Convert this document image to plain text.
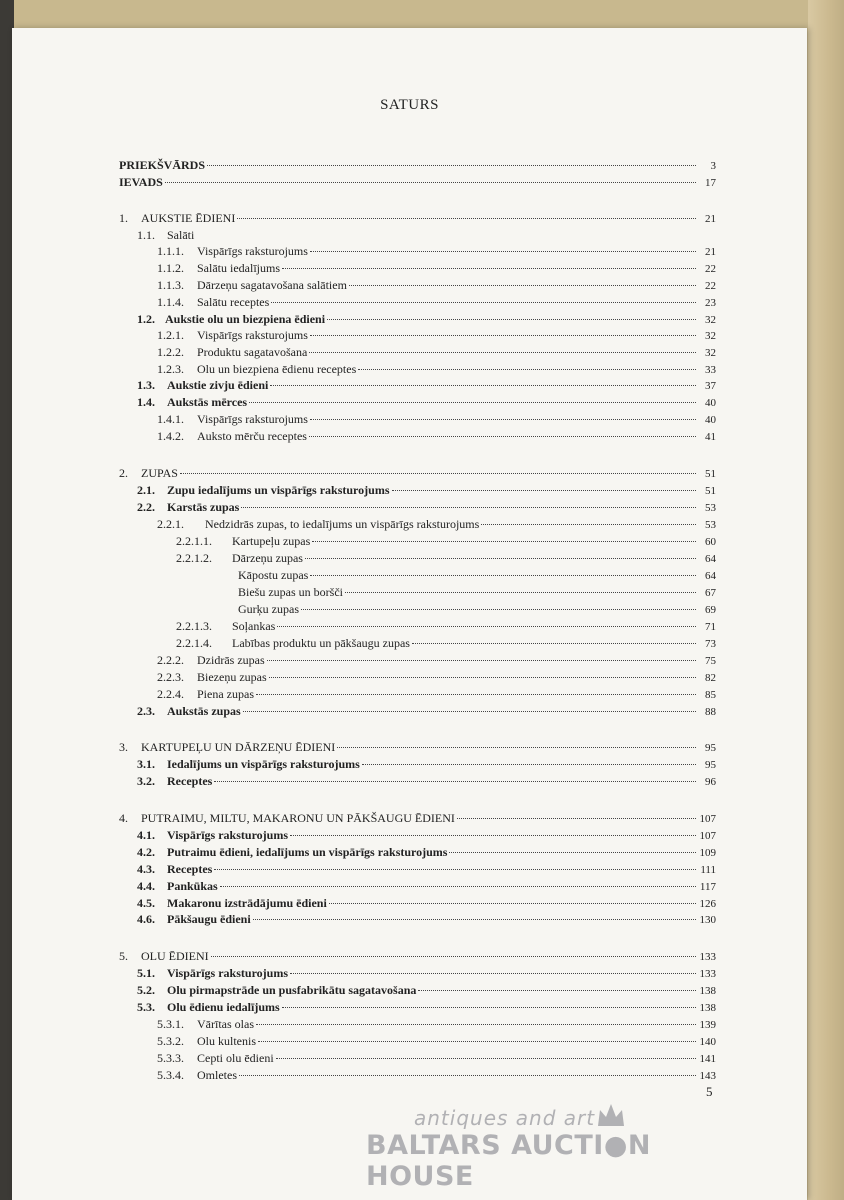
SATURS
PRIEKŠVĀRDS	3
IEVADS	17
1.	AUKSTIE ĒDIENI	21
1.1.	Salāti
1.1.1.	Vispārīgs raksturojums	21
1.1.2.	Salātu iedalījums	22
1.1.3.	Dārzeņu sagatavošana salātiem	22
1.1.4.	Salātu receptes	23
1.2. Aukstie olu un biezpiena ēdieni	32
1.2.1.	Vispārīgs raksturojums	32
1.2.2.	Produktu sagatavošana	32
1.2.3.	Olu un biezpiena ēdienu receptes	33
1.3.	Aukstie zivju ēdieni	37
1.4.	Aukstās mērces	40
1.4.1.	Vispārīgs raksturojums	40
1.4.2.	Auksto mērču receptes	41
2.	ZUPAS	51
2.1.	Zupu iedalījums un vispārīgs raksturojums	51
2.2.	Karstās zupas	53
2.2.1.	Nedzidrās zupas, to iedalījums un vispārīgs raksturojums	53
2.2.1.1.	Kartupeļu zupas	60
2.2.1.2.	Dārzeņu zupas	64
Kāpostu zupas	64
Biešu zupas un boršči	67
Gurķu zupas	69
2.2.1.3.	Soļankas	71
2.2.1.4.	Labības produktu un pākšaugu zupas	73
2.2.2.	Dzidrās zupas	75
2.2.3.	Biezeņu zupas	82
2.2.4.	Piena zupas	85
2.3.	Aukstās zupas	88
3.	KARTUPEĻU UN DĀRZEŅU ĒDIENI	95
3.1.	Iedalījums un vispārīgs raksturojums	95
3.2.	Receptes	96
4.	PUTRAIMU, MILTU, MAKARONU UN PĀKŠAUGU ĒDIENI	107
4.1.	Vispārīgs raksturojums	107
4.2.	Putraimu ēdieni, iedalījums un vispārīgs raksturojums	109
4.3.	Receptes	111
4.4.	Pankūkas	117
4.5.	Makaronu izstrādājumu ēdieni	126
4.6.	Pākšaugu ēdieni	130
5.	OLU ĒDIENI	133
5.1.	Vispārīgs raksturojums	133
5.2.	Olu pirmapstrāde un pusfabrikātu sagatavošana	138
5.3.	Olu ēdienu iedalījums	138
5.3.1.	Vārītas olas	139
5.3.2.	Olu kultenis	140
5.3.3.	Cepti olu ēdieni	141
5.3.4.	Omletes	143
5
antiques and art
BALTARS AUCTI●N HOUSE
